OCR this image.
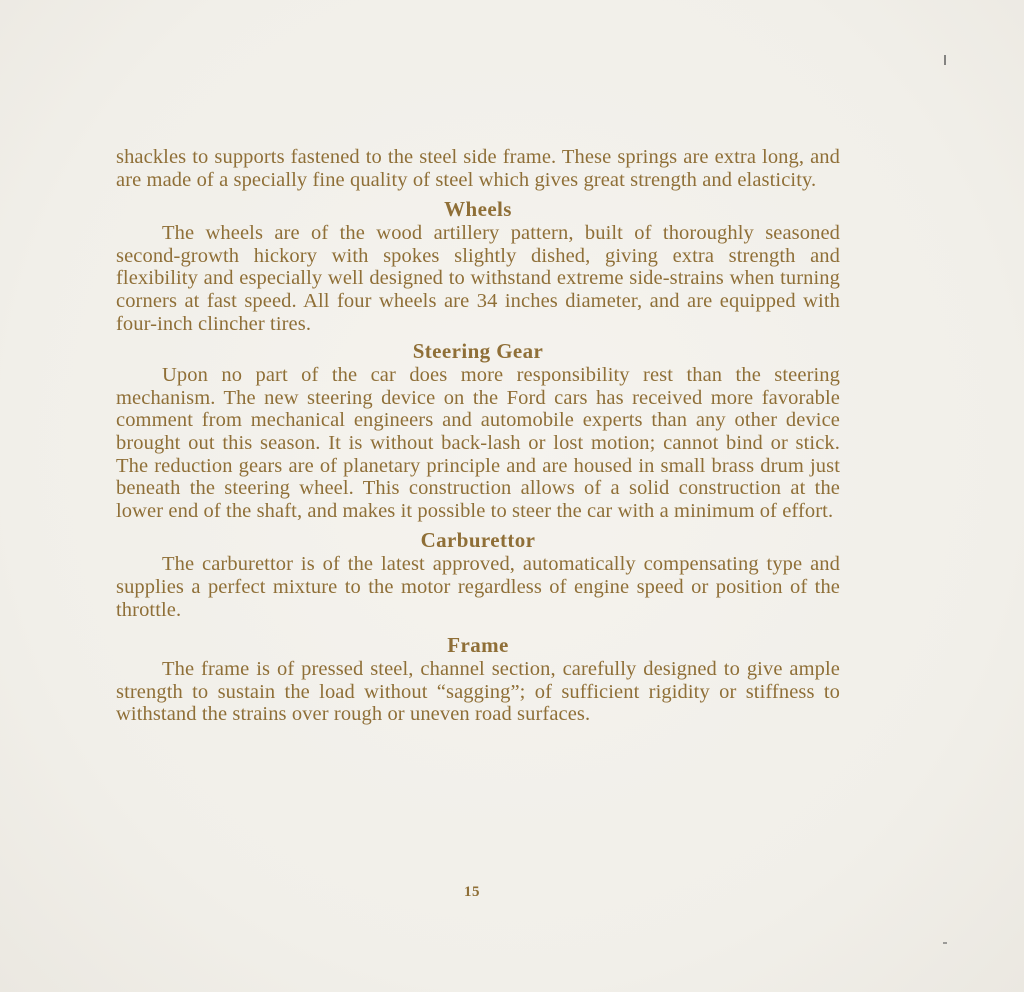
shackles to supports fastened to the steel side frame. These springs are extra long, and are made of a specially fine quality of steel which gives great strength and elasticity.

Wheels

The wheels are of the wood artillery pattern, built of thoroughly seasoned second-growth hickory with spokes slightly dished, giving extra strength and flexibility and especially well designed to withstand extreme side-strains when turning corners at fast speed. All four wheels are 34 inches diameter, and are equipped with four-inch clincher tires.

Steering Gear

Upon no part of the car does more responsibility rest than the steering mechanism. The new steering device on the Ford cars has received more favorable comment from mechanical engineers and automobile experts than any other device brought out this season. It is without back-lash or lost motion; cannot bind or stick. The reduction gears are of planetary principle and are housed in small brass drum just beneath the steering wheel. This construction allows of a solid construction at the lower end of the shaft, and makes it possible to steer the car with a minimum of effort.

Carburettor

The carburettor is of the latest approved, automatically compensating type and supplies a perfect mixture to the motor regardless of engine speed or position of the throttle.

Frame

The frame is of pressed steel, channel section, carefully designed to give ample strength to sustain the load without “sagging”; of sufficient rigidity or stiffness to withstand the strains over rough or uneven road surfaces.

15
